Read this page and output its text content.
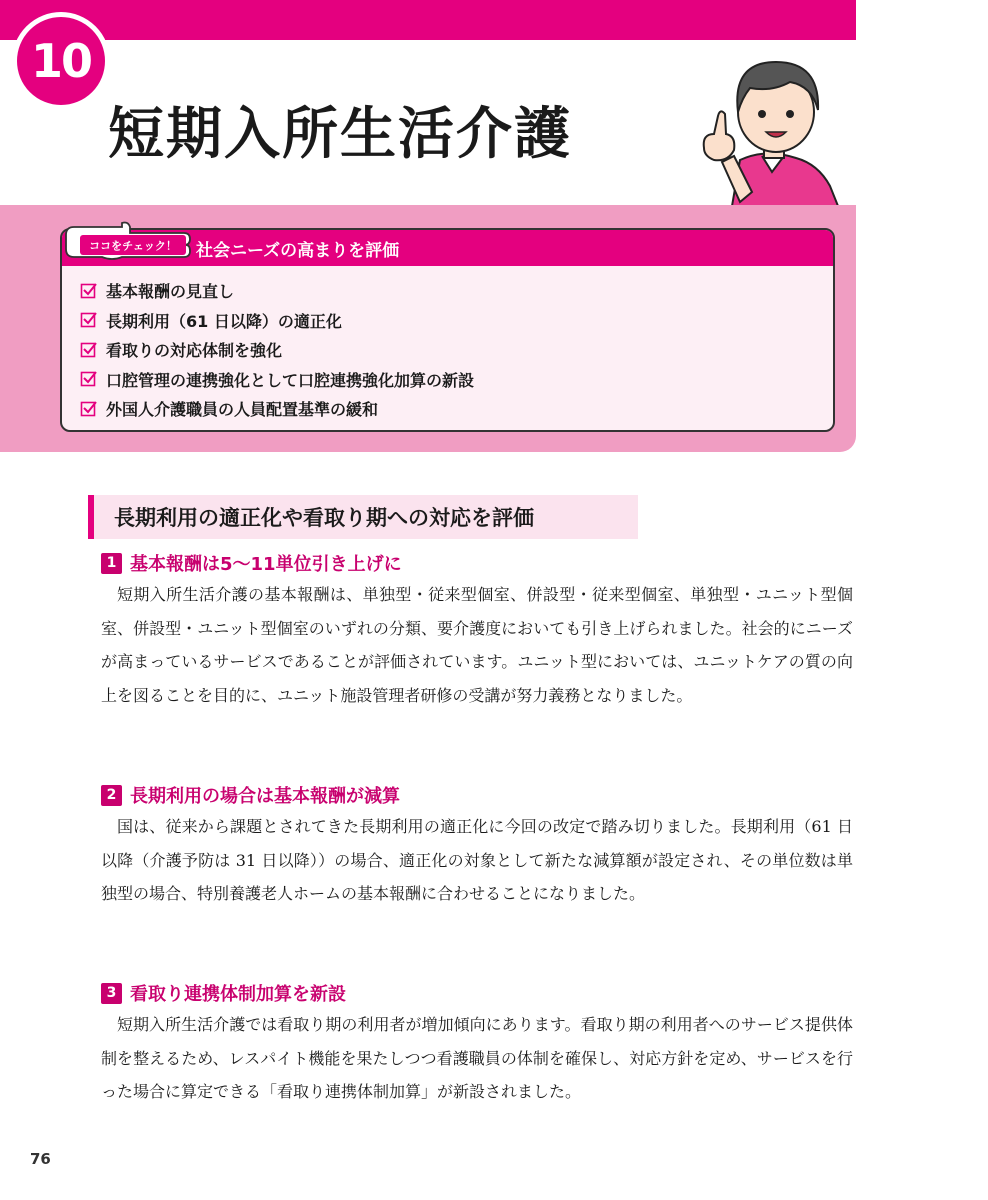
10
短期入所生活介護
社会ニーズの高まりを評価
基本報酬の見直し
長期利用（61 日以降）の適正化
看取りの対応体制を強化
口腔管理の連携強化として口腔連携強化加算の新設
外国人介護職員の人員配置基準の緩和
ココをチェック！
長期利用の適正化や看取り期への対応を評価
1 基本報酬は5〜11単位引き上げに

短期入所生活介護の基本報酬は、単独型・従来型個室、併設型・従来型個室、単独型・ユニット型個室、併設型・ユニット型個室のいずれの分類、要介護度においても引き上げられました。社会的にニーズが高まっているサービスであることが評価されています。ユニット型においては、ユニットケアの質の向上を図ることを目的に、ユニット施設管理者研修の受講が努力義務となりました。

2 長期利用の場合は基本報酬が減算

国は、従来から課題とされてきた長期利用の適正化に今回の改定で踏み切りました。長期利用（61 日以降（介護予防は 31 日以降））の場合、適正化の対象として新たな減算額が設定され、その単位数は単独型の場合、特別養護老人ホームの基本報酬に合わせることになりました。

3 看取り連携体制加算を新設

短期入所生活介護では看取り期の利用者が増加傾向にあります。看取り期の利用者へのサービス提供体制を整えるため、レスパイト機能を果たしつつ看護職員の体制を確保し、対応方針を定め、サービスを行った場合に算定できる「看取り連携体制加算」が新設されました。

76
